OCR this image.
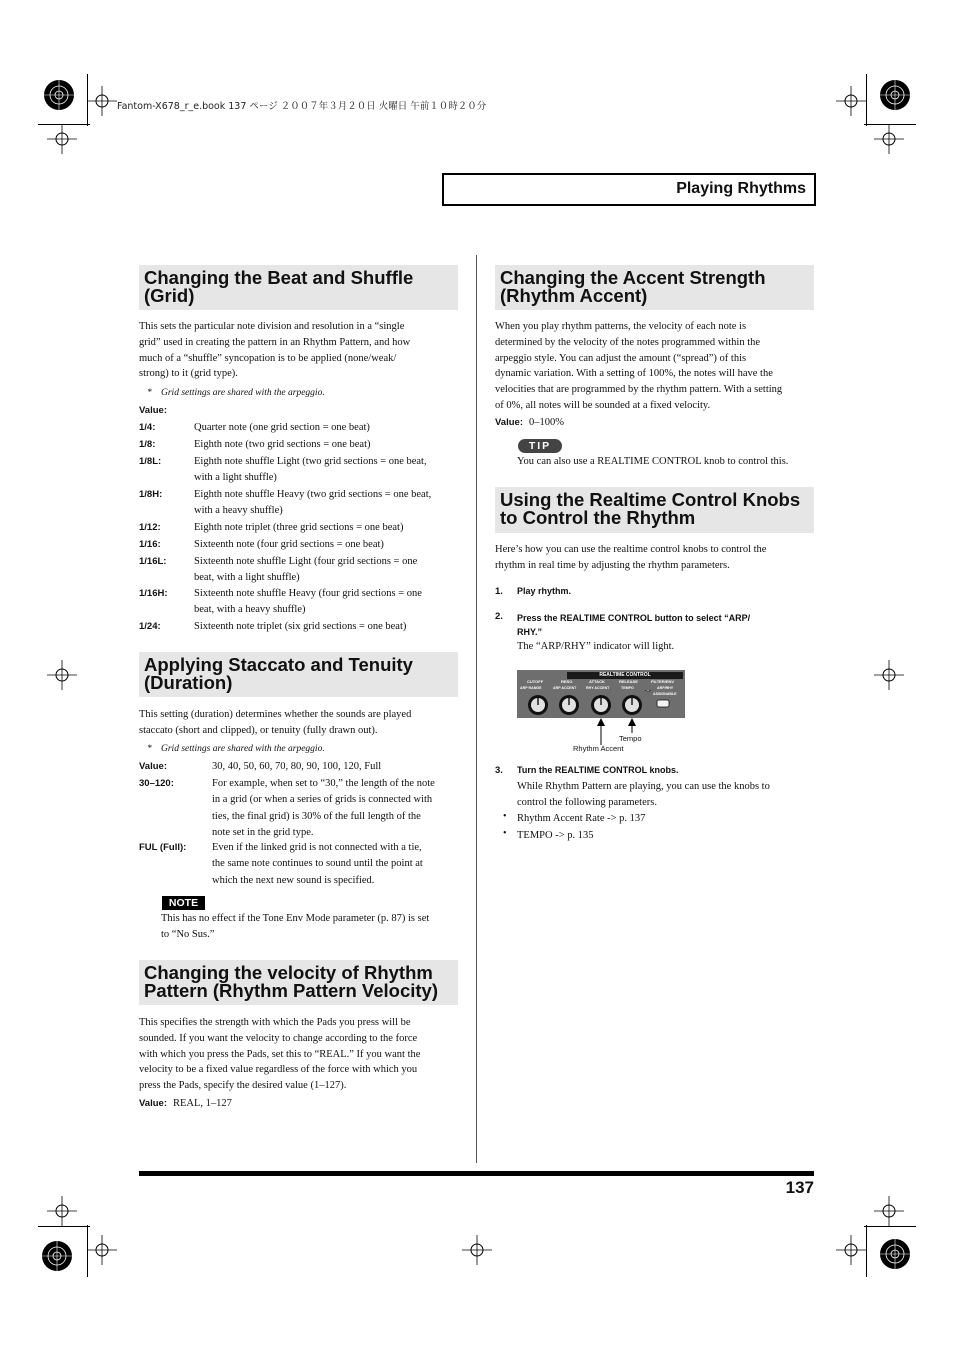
Fantom-X678_r_e.book 137 ページ ２００７年３月２０日 火曜日 午前１０時２０分
Playing Rhythms
Changing the Beat and Shuffle
(Grid)
This sets the particular note division and resolution in a “single
grid” used in creating the pattern in an Rhythm Pattern, and how
much of a “shuffle” syncopation is to be applied (none/weak/
strong) to it (grid type).
* Grid settings are shared with the arpeggio.
Value:
1/4:	Quarter note (one grid section = one beat)
1/8:	Eighth note (two grid sections = one beat)
1/8L:	Eighth note shuffle Light (two grid sections = one beat,
with a light shuffle)
1/8H:	Eighth note shuffle Heavy (two grid sections = one beat,
with a heavy shuffle)
1/12:	Eighth note triplet (three grid sections = one beat)
1/16:	Sixteenth note (four grid sections = one beat)
1/16L:	Sixteenth note shuffle Light (four grid sections = one
beat, with a light shuffle)
1/16H:	Sixteenth note shuffle Heavy (four grid sections = one
beat, with a heavy shuffle)
1/24:	Sixteenth note triplet (six grid sections = one beat)
Applying Staccato and Tenuity
(Duration)
This setting (duration) determines whether the sounds are played
staccato (short and clipped), or tenuity (fully drawn out).
* Grid settings are shared with the arpeggio.
Value:	30, 40, 50, 60, 70, 80, 90, 100, 120, Full
30–120:	For example, when set to “30,” the length of the note
in a grid (or when a series of grids is connected with
ties, the final grid) is 30% of the full length of the
note set in the grid type.
FUL (Full): Even if the linked grid is not connected with a tie,
the same note continues to sound until the point at
which the next new sound is specified.
NOTE
This has no effect if the Tone Env Mode parameter (p. 87) is set
to “No Sus.”
Changing the velocity of Rhythm
Pattern (Rhythm Pattern Velocity)
This specifies the strength with which the Pads you press will be
sounded. If you want the velocity to change according to the force
with which you press the Pads, set this to “REAL.” If you want the
velocity to be a fixed value regardless of the force with which you
press the Pads, specify the desired value (1–127).
Value: REAL, 1–127
Changing the Accent Strength
(Rhythm Accent)
When you play rhythm patterns, the velocity of each note is
determined by the velocity of the notes programmed within the
arpeggio style. You can adjust the amount (“spread”) of this
dynamic variation. With a setting of 100%, the notes will have the
velocities that are programmed by the rhythm pattern. With a setting
of 0%, all notes will be sounded at a fixed velocity.
Value: 0–100%
TIP
You can also use a REALTIME CONTROL knob to control this.
Using the Realtime Control Knobs
to Control the Rhythm
Here’s how you can use the realtime control knobs to control the
rhythm in real time by adjusting the rhythm parameters.
1. Play rhythm.
2. Press the REALTIME CONTROL button to select “ARP/
RHY.”
The “ARP/RHY” indicator will light.
REALTIME CONTROL
CUTOFF	RESO	ATTACK	RELEASE	FILTER/ENV
ARP RANGE	ARP ACCENT	RHY ACCENT	TEMPO	ARP/RHY
ASSIGNABLE
Tempo
Rhythm Accent
3. Turn the REALTIME CONTROL knobs.
While Rhythm Pattern are playing, you can use the knobs to
control the following parameters.
• Rhythm Accent Rate -> p. 137
• TEMPO -> p. 135
137
